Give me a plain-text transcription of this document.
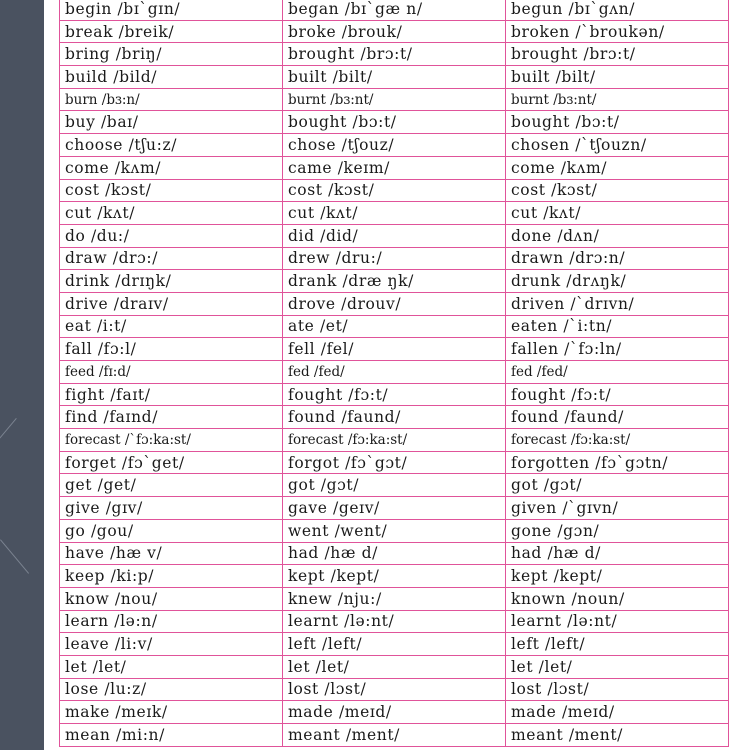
begin /bɪˋgɪn/	began /bɪˋgæ n/	begun /bɪˋgʌn/
break /breik/	broke /brouk/	broken /ˋbroukən/
bring /briŋ/	brought /brɔ:t/	brought /brɔ:t/
build /bild/	built /bilt/	built /bilt/
burn /bɜ:n/	burnt /bɜ:nt/	burnt /bɜ:nt/
buy /baɪ/	bought /bɔ:t/	bought /bɔ:t/
choose /tʃu:z/	chose /tʃouz/	chosen /ˋtʃouzn/
come /kʌm/	came /keɪm/	come /kʌm/
cost /kɔst/	cost /kɔst/	cost /kɔst/
cut /kʌt/	cut /kʌt/	cut /kʌt/
do /du:/	did /did/	done /dʌn/
draw /drɔ:/	drew /dru:/	drawn /drɔ:n/
drink /drɪŋk/	drank /dræ ŋk/	drunk /drʌŋk/
drive /draɪv/	drove /drouv/	driven /ˋdrɪvn/
eat /i:t/	ate /et/	eaten /ˋi:tn/
fall /fɔ:l/	fell /fel/	fallen /ˋfɔ:ln/
feed /fɪ:d/	fed /fed/	fed /fed/
fight /faɪt/	fought /fɔ:t/	fought /fɔ:t/
find /faɪnd/	found /faund/	found /faund/
forecast /ˋfɔ:ka:st/	forecast /fɔ:ka:st/	forecast /fɔ:ka:st/
forget /fɔˋget/	forgot /fɔˋgɔt/	forgotten /fɔˋgɔtn/
get /get/	got /gɔt/	got /gɔt/
give /gɪv/	gave /geɪv/	given /ˋgɪvn/
go /gou/	went /went/	gone /gɔn/
have /hæ v/	had /hæ d/	had /hæ d/
keep /ki:p/	kept /kept/	kept /kept/
know /nou/	knew /nju:/	known /noun/
learn /lə:n/	learnt /lə:nt/	learnt /lə:nt/
leave /li:v/	left /left/	left /left/
let /let/	let /let/	let /let/
lose /lu:z/	lost /lɔst/	lost /lɔst/
make /meɪk/	made /meɪd/	made /meɪd/
mean /mi:n/	meant /ment/	meant /ment/
